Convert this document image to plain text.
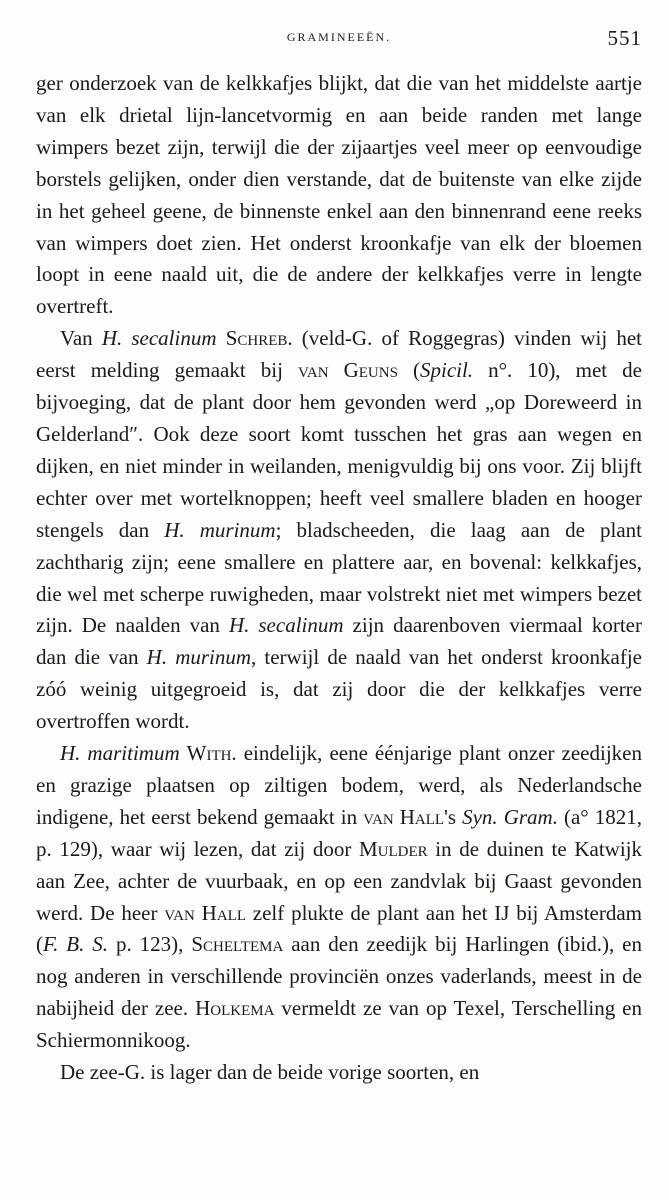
GRAMINEEËN.	551

ger onderzoek van de kelkkafjes blijkt, dat die van het middelste aartje van elk drietal lijn-lancetvormig en aan beide randen met lange wimpers bezet zijn, terwijl die der zijaartjes veel meer op eenvoudige borstels gelijken, onder dien verstande, dat de buitenste van elke zijde in het geheel geene, de binnenste enkel aan den binnenrand eene reeks van wimpers doet zien. Het onderst kroonkafje van elk der bloemen loopt in eene naald uit, die de andere der kelkkafjes verre in lengte overtreft.

Van H. secalinum Schreb. (veld-G. of Roggegras) vinden wij het eerst melding gemaakt bij van Geuns (Spicil. n°. 10), met de bijvoeging, dat de plant door hem gevonden werd „op Doreweerd in Gelderland″. Ook deze soort komt tusschen het gras aan wegen en dijken, en niet minder in weilanden, menigvuldig bij ons voor. Zij blijft echter over met wortelknoppen; heeft veel smallere bladen en hooger stengels dan H. murinum; bladscheeden, die laag aan de plant zachtharig zijn; eene smallere en plattere aar, en bovenal: kelkkafjes, die wel met scherpe ruwigheden, maar volstrekt niet met wimpers bezet zijn. De naalden van H. secalinum zijn daarenboven viermaal korter dan die van H. murinum, terwijl de naald van het onderst kroonkafje zóó weinig uitgegroeid is, dat zij door die der kelkkafjes verre overtroffen wordt.

H. maritimum With. eindelijk, eene éénjarige plant onzer zeedijken en grazige plaatsen op ziltigen bodem, werd, als Nederlandsche indigene, het eerst bekend gemaakt in van Hall's Syn. Gram. (a° 1821, p. 129), waar wij lezen, dat zij door Mulder in de duinen te Katwijk aan Zee, achter de vuurbaak, en op een zandvlak bij Gaast gevonden werd. De heer van Hall zelf plukte de plant aan het IJ bij Amsterdam (F. B. S. p. 123), Scheltema aan den zeedijk bij Harlingen (ibid.), en nog anderen in verschillende provinciën onzes vaderlands, meest in de nabijheid der zee. Holkema vermeldt ze van op Texel, Terschelling en Schiermonnikoog.

De zee-G. is lager dan de beide vorige soorten, en
